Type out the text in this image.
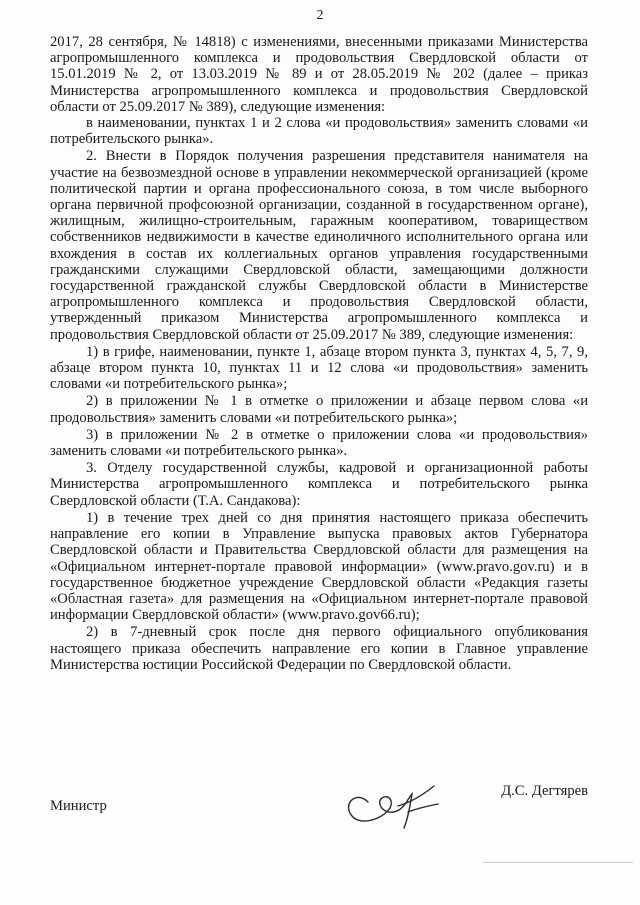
2

2017, 28 сентября, № 14818) с изменениями, внесенными приказами Министерства агропромышленного комплекса и продовольствия Свердловской области от 15.01.2019 № 2, от 13.03.2019 № 89 и от 28.05.2019 № 202 (далее – приказ Министерства агропромышленного комплекса и продовольствия Свердловской области от 25.09.2017 № 389), следующие изменения:

в наименовании, пунктах 1 и 2 слова «и продовольствия» заменить словами «и потребительского рынка».

2. Внести в Порядок получения разрешения представителя нанимателя на участие на безвозмездной основе в управлении некоммерческой организацией (кроме политической партии и органа профессионального союза, в том числе выборного органа первичной профсоюзной организации, созданной в государственном органе), жилищным, жилищно-строительным, гаражным кооперативом, товариществом собственников недвижимости в качестве единоличного исполнительного органа или вхождения в состав их коллегиальных органов управления государственными гражданскими служащими Свердловской области, замещающими должности государственной гражданской службы Свердловской области в Министерстве агропромышленного комплекса и продовольствия Свердловской области, утвержденный приказом Министерства агропромышленного комплекса и продовольствия Свердловской области от 25.09.2017 № 389, следующие изменения:

1) в грифе, наименовании, пункте 1, абзаце втором пункта 3, пунктах 4, 5, 7, 9, абзаце втором пункта 10, пунктах 11 и 12 слова «и продовольствия» заменить словами «и потребительского рынка»;

2) в приложении № 1 в отметке о приложении и абзаце первом слова «и продовольствия» заменить словами «и потребительского рынка»;

3) в приложении № 2 в отметке о приложении слова «и продовольствия» заменить словами «и потребительского рынка».

3. Отделу государственной службы, кадровой и организационной работы Министерства агропромышленного комплекса и потребительского рынка Свердловской области (Т.А. Сандакова):

1) в течение трех дней со дня принятия настоящего приказа обеспечить направление его копии в Управление выпуска правовых актов Губернатора Свердловской области и Правительства Свердловской области для размещения на «Официальном интернет-портале правовой информации» (www.pravo.gov.ru) и в государственное бюджетное учреждение Свердловской области «Редакция газеты «Областная газета» для размещения на «Официальном интернет-портале правовой информации Свердловской области» (www.pravo.gov66.ru);

2) в 7-дневный срок после дня первого официального опубликования настоящего приказа обеспечить направление его копии в Главное управление Министерства юстиции Российской Федерации по Свердловской области.

Министр
Д.С. Дегтярев
